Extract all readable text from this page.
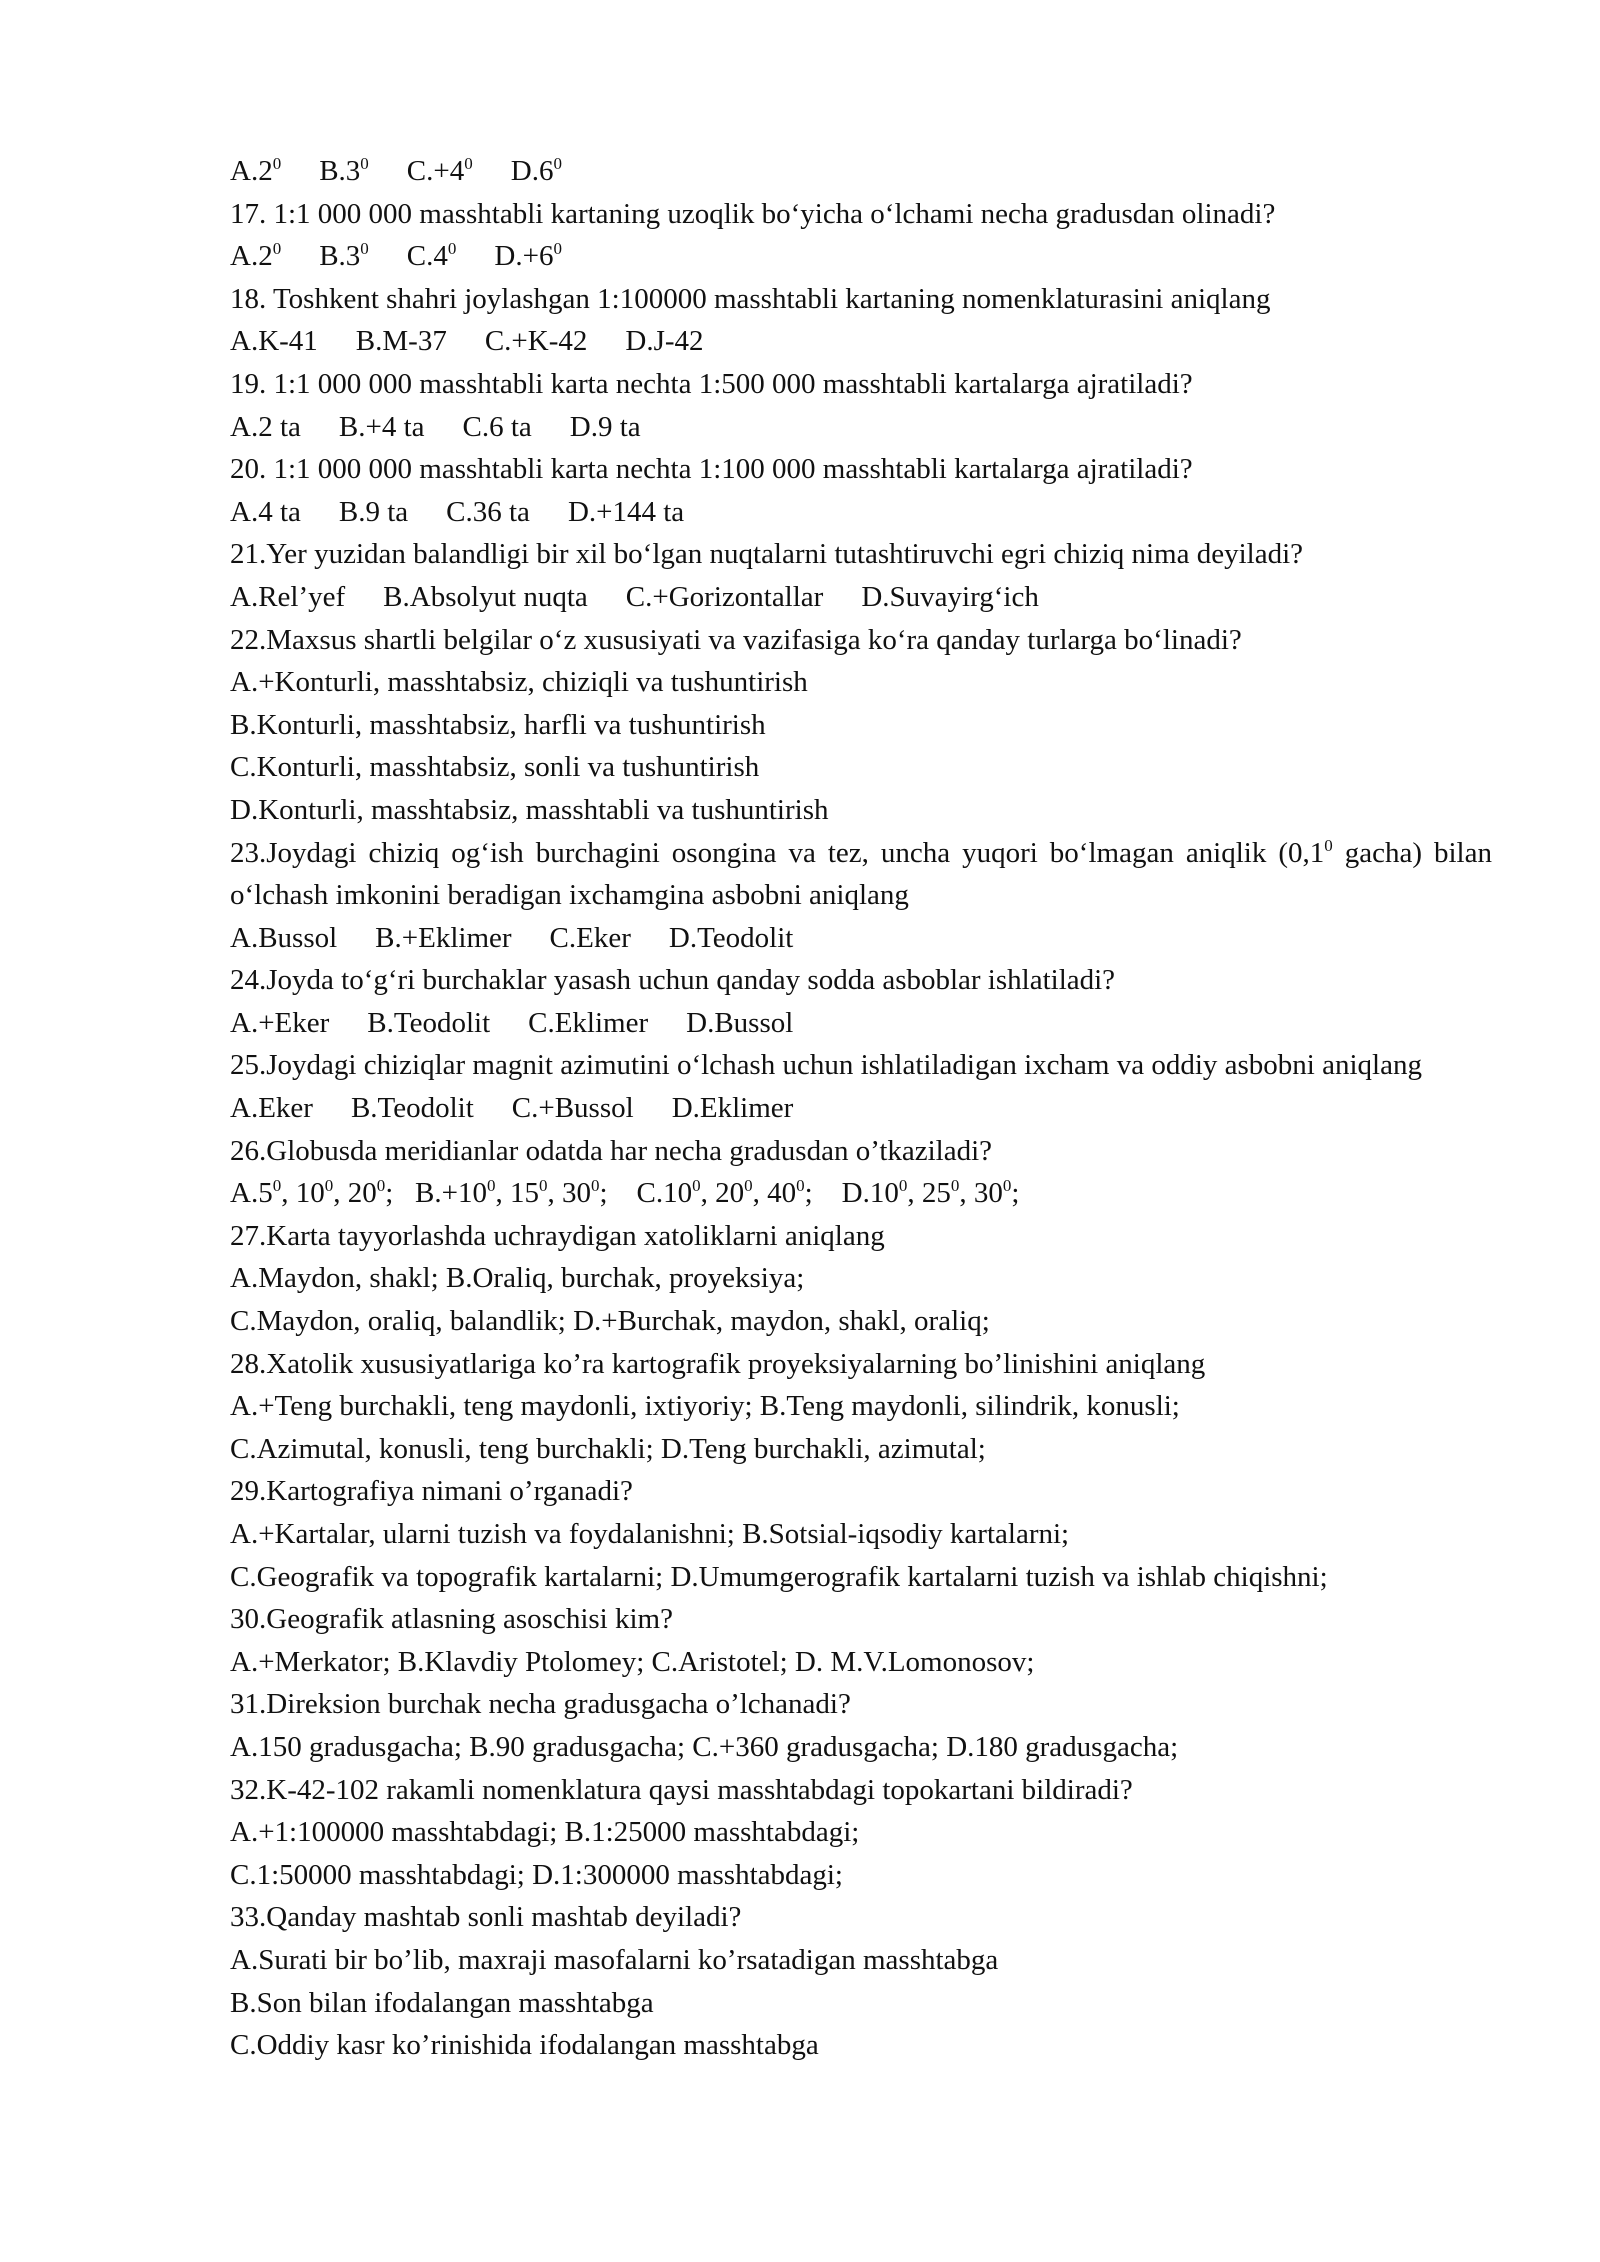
$A.2^0$ $B.3^0$ $C.+4^0$ $D.6^0$
17. 1:1 000 000 masshtabli kartaning uzoqlik bo‘yicha o‘lchami necha gradusdan olinadi?
$A.2^0$ $B.3^0$ $C.4^0$ $D.+6^0$
18. Toshkent shahri joylashgan 1:100000 masshtabli kartaning nomenklaturasini aniqlang
A.K-41 B.M-37 C.+K-42 D.J-42
19. 1:1 000 000 masshtabli karta nechta 1:500 000 masshtabli kartalarga ajratiladi?
A.2 ta B.+4 ta C.6 ta D.9 ta
20. 1:1 000 000 masshtabli karta nechta 1:100 000 masshtabli kartalarga ajratiladi?
A.4 ta B.9 ta C.36 ta D.+144 ta
21.Yer yuzidan balandligi bir xil bo‘lgan nuqtalarni tutashtiruvchi egri chiziq nima deyiladi?
A.Rel’yef B.Absolyut nuqta C.+Gorizontallar D.Suvayirg‘ich
22.Maxsus shartli belgilar o‘z xususiyati va vazifasiga ko‘ra qanday turlarga bo‘linadi?
A.+Konturli, masshtabsiz, chiziqli va tushuntirish
B.Konturli, masshtabsiz, harfli va tushuntirish
C.Konturli, masshtabsiz, sonli va tushuntirish
D.Konturli, masshtabsiz, masshtabli va tushuntirish
23.Joydagi chiziq og‘ish burchagini osongina va tez, uncha yuqori bo‘lmagan aniqlik ($0,1^0$ gacha) bilan o‘lchash imkonini beradigan ixchamgina asbobni aniqlang
A.Bussol B.+Eklimer C.Eker D.Teodolit
24.Joyda to‘g‘ri burchaklar yasash uchun qanday sodda asboblar ishlatiladi?
A.+Eker B.Teodolit C.Eklimer D.Bussol
25.Joydagi chiziqlar magnit azimutini o‘lchash uchun ishlatiladigan ixcham va oddiy asbobni aniqlang
A.Eker B.Teodolit C.+Bussol D.Eklimer
26.Globusda meridianlar odatda har necha gradusdan o’tkaziladi?
$A.5^0$, $10^0$, $20^0$;   $B.+10^0$, $15^0$, $30^0$;    $C.10^0$, $20^0$, $40^0$;    $D.10^0$, $25^0$, $30^0$;
27.Karta tayyorlashda uchraydigan xatoliklarni aniqlang
A.Maydon, shakl; B.Oraliq, burchak, proyeksiya;
C.Maydon, oraliq, balandlik; D.+Burchak, maydon, shakl, oraliq;
28.Xatolik xususiyatlariga ko’ra kartografik proyeksiyalarning bo’linishini aniqlang
A.+Teng burchakli, teng maydonli, ixtiyoriy; B.Teng maydonli, silindrik, konusli;
C.Azimutal, konusli, teng burchakli; D.Teng burchakli, azimutal;
29.Kartografiya nimani o’rganadi?
A.+Kartalar, ularni tuzish va foydalanishni; B.Sotsial-iqsodiy kartalarni;
C.Geografik va topografik kartalarni; D.Umumgerografik kartalarni tuzish va ishlab chiqishni;
30.Geografik atlasning asoschisi kim?
A.+Merkator; B.Klavdiy Ptolomey; C.Aristotel; D. M.V.Lomonosov;
31.Direksion burchak necha gradusgacha o’lchanadi?
A.150 gradusgacha; B.90 gradusgacha; C.+360 gradusgacha; D.180 gradusgacha;
32.K-42-102 rakamli nomenklatura qaysi masshtabdagi topokartani bildiradi?
A.+1:100000 masshtabdagi; B.1:25000 masshtabdagi;
C.1:50000 masshtabdagi; D.1:300000 masshtabdagi;
33.Qanday mashtab sonli mashtab deyiladi?
A.Surati bir bo’lib, maxraji masofalarni ko’rsatadigan masshtabga
B.Son bilan ifodalangan masshtabga
C.Oddiy kasr ko’rinishida ifodalangan masshtabga
